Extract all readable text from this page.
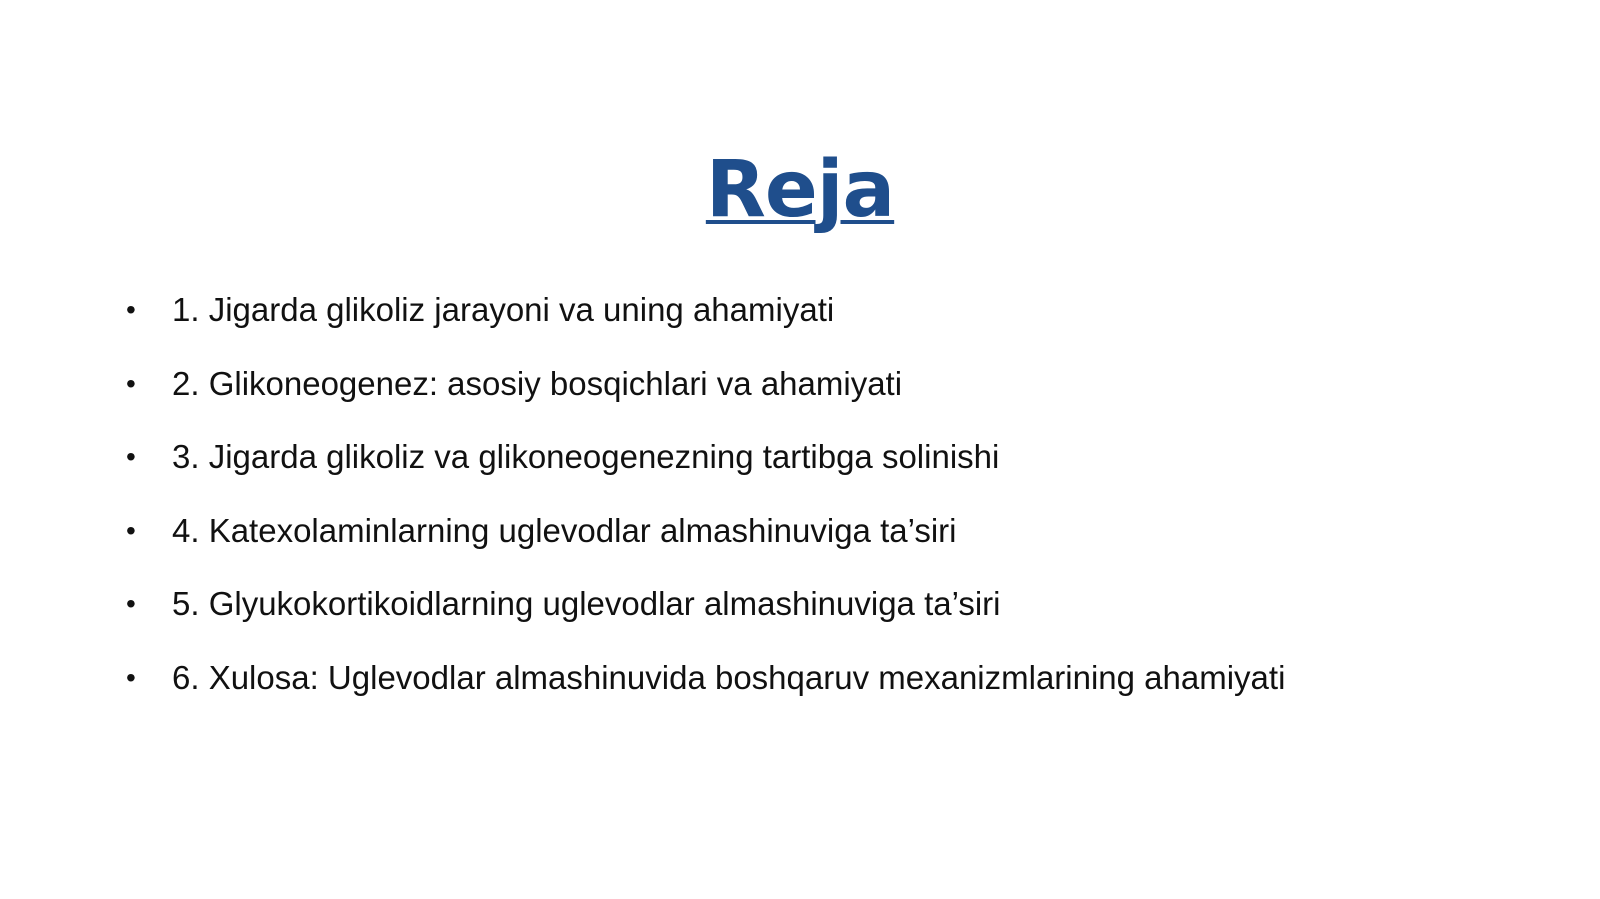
Reja
• 1. Jigarda glikoliz jarayoni va uning ahamiyati
• 2. Glikoneogenez: asosiy bosqichlari va ahamiyati
• 3. Jigarda glikoliz va glikoneogenezning tartibga solinishi
• 4. Katexolaminlarning uglevodlar almashinuviga ta’siri
• 5. Glyukokortikoidlarning uglevodlar almashinuviga ta’siri
• 6. Xulosa: Uglevodlar almashinuvida boshqaruv mexanizmlarining ahamiyati
